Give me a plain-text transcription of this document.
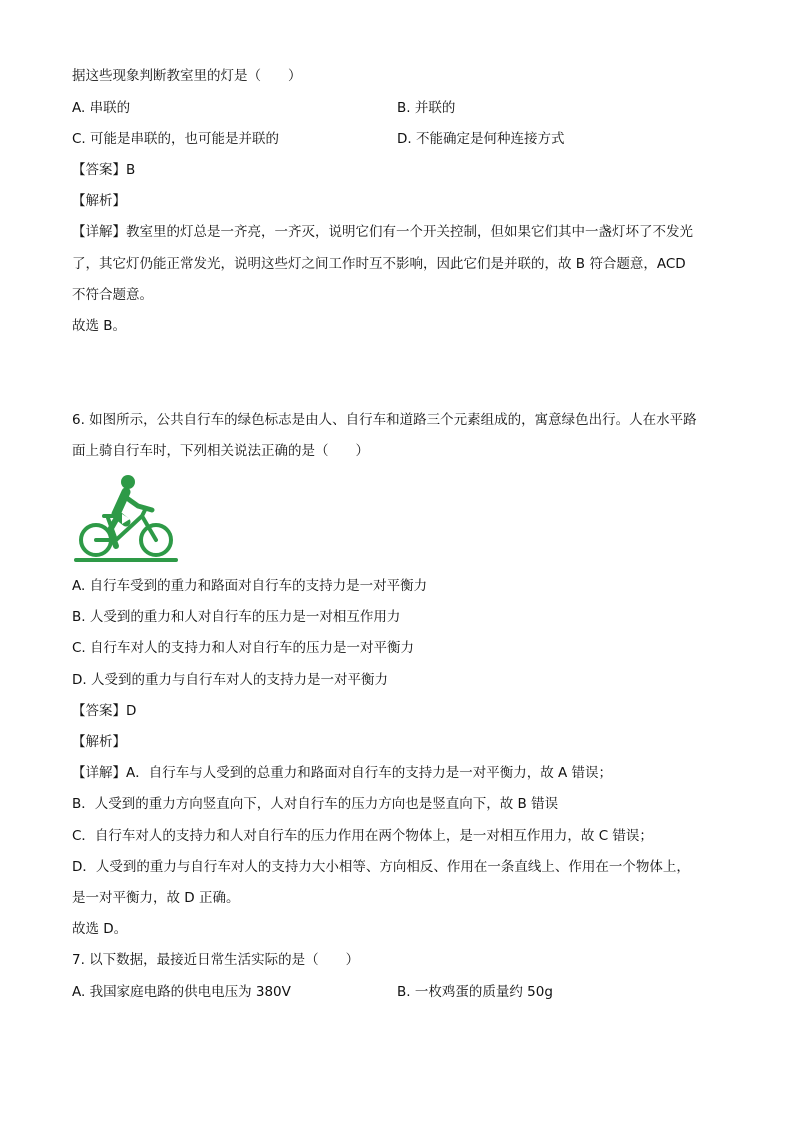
据这些现象判断教室里的灯是（　　）
A. 串联的	B. 并联的
C. 可能是串联的，也可能是并联的	D. 不能确定是何种连接方式
【答案】B
【解析】
【详解】教室里的灯总是一齐亮，一齐灭，说明它们有一个开关控制，但如果它们其中一盏灯坏了不发光
了，其它灯仍能正常发光，说明这些灯之间工作时互不影响，因此它们是并联的，故 B 符合题意，ACD
不符合题意。
故选 B。
6. 如图所示，公共自行车的绿色标志是由人、自行车和道路三个元素组成的，寓意绿色出行。人在水平路
面上骑自行车时，下列相关说法正确的是（　　）
A. 自行车受到的重力和路面对自行车的支持力是一对平衡力
B. 人受到的重力和人对自行车的压力是一对相互作用力
C. 自行车对人的支持力和人对自行车的压力是一对平衡力
D. 人受到的重力与自行车对人的支持力是一对平衡力
【答案】D
【解析】
【详解】A．自行车与人受到的总重力和路面对自行车的支持力是一对平衡力，故 A 错误；
B．人受到的重力方向竖直向下，人对自行车的压力方向也是竖直向下，故 B 错误
C．自行车对人的支持力和人对自行车的压力作用在两个物体上，是一对相互作用力，故 C 错误；
D．人受到的重力与自行车对人的支持力大小相等、方向相反、作用在一条直线上、作用在一个物体上，
是一对平衡力，故 D 正确。
故选 D。
7. 以下数据，最接近日常生活实际的是（　　）
A. 我国家庭电路的供电电压为 380V	B. 一枚鸡蛋的质量约 50g
